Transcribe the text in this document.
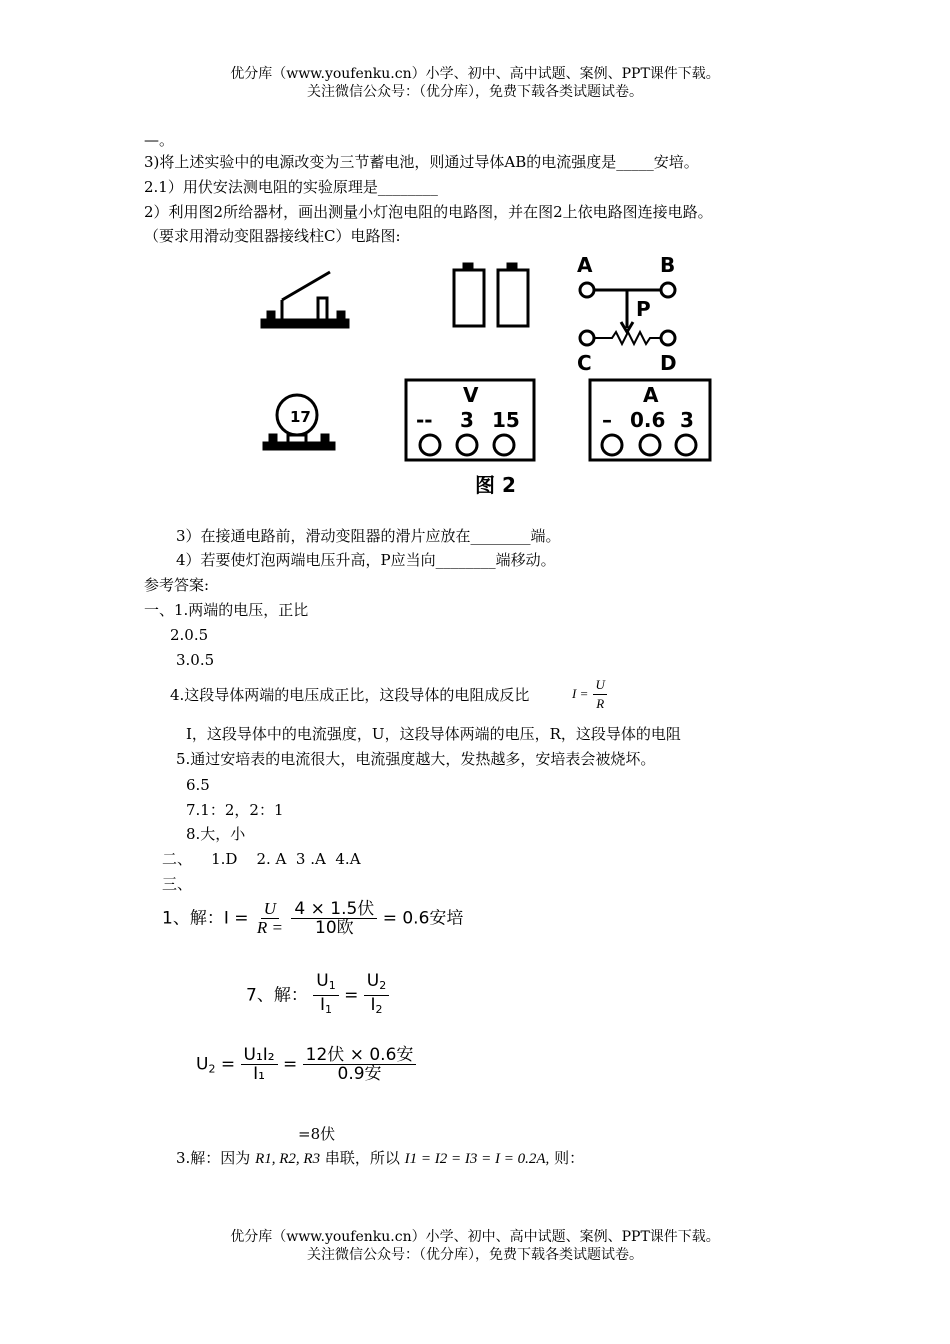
优分库（www.youfenku.cn）小学、初中、高中试题、案例、PPT课件下载。
关注微信公众号：（优分库），免费下载各类试题试卷。
—。
3)将上述实验中的电源改变为三节蓄电池，则通过导体AB的电流强度是_____安培。
2.1）用伏安法测电阻的实验原理是________
2）利用图2所给器材，画出测量小灯泡电阻的电路图，并在图2上依电路图连接电路。
（要求用滑动变阻器接线柱C）电路图:
A	B
P
C	D
17
V
-- 3 15
A
– 0.6 3
图 2
3）在接通电路前，滑动变阻器的滑片应放在________端。
4）若要使灯泡两端电压升高，P应当向________端移动。
参考答案:
一、1.两端的电压，正比
2.0.5
3.0.5
4.这段导体两端的电压成正比，这段导体的电阻成反比	$I = \frac{U}{R}$
I，这段导体中的电流强度，U，这段导体两端的电压，R，这段导体的电阻
5.通过安培表的电流很大，电流强度越大，发热越多，安培表会被烧坏。
6.5
7.1：2，2：1
8.大，小
二、    1.D    2. A  3 .A  4.A
三、
1、解：$I = \frac{U}{R =}$
$\frac{\text{4 × 1.5伏}}{\text{10欧}} = 0.6$安培
7、解： $\frac{U_1}{I_1} = \frac{U_2}{I_2}$
$U_2 = \frac{\text{U₁I₂}}{\text{I₁}} = \frac{\text{12伏 × 0.6安}}{\text{0.9安}}$
=8伏
3.解：因为 R1, R2, R3 串联，所以 I1 = I2 = I3 = I = 0.2A, 则：
优分库（www.youfenku.cn）小学、初中、高中试题、案例、PPT课件下载。
关注微信公众号：（优分库），免费下载各类试题试卷。
